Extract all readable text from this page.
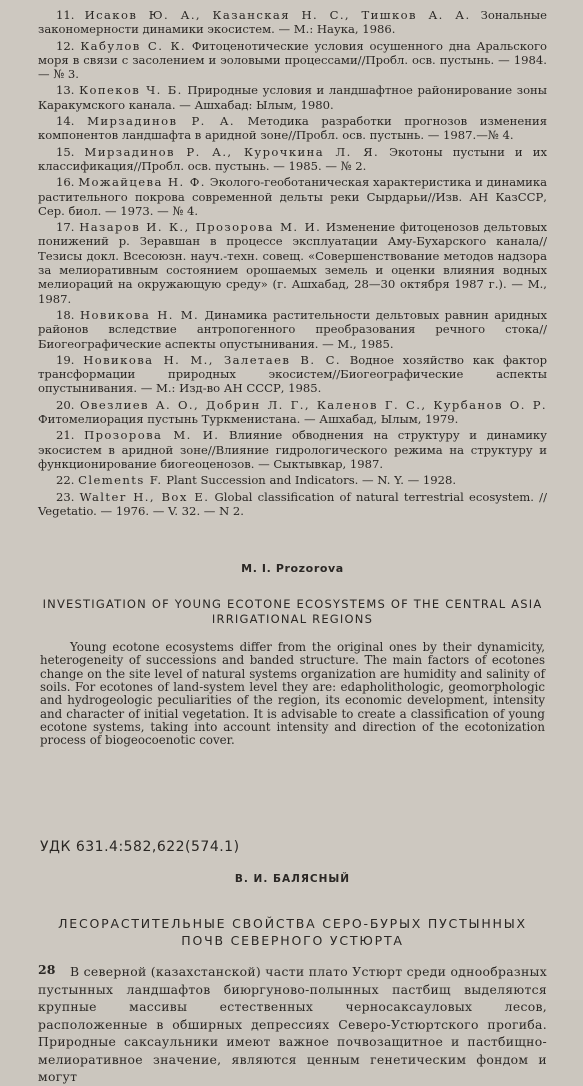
11. Исаков Ю. А., Казанская Н. С., Тишков А. А. Зональные закономерности динамики экосистем. — М.: Наука, 1986.

12. Кабулов С. К. Фитоценотические условия осушенного дна Аральского моря в связи с засолением и эоловыми процессами//Пробл. осв. пустынь. — 1984.— № 3.

13. Копеков Ч. Б. Природные условия и ландшафтное районирование зоны Каракумского канала. — Ашхабад: Ылым, 1980.

14. Мирзадинов Р. А. Методика разработки прогнозов изменения компонентов ландшафта в аридной зоне//Пробл. осв. пустынь. — 1987.—№ 4.

15. Мирзадинов Р. А., Курочкина Л. Я. Экотоны пустыни и их классификация//Пробл. осв. пустынь. — 1985. — № 2.

16. Можайцева Н. Ф. Эколого-геоботаническая характеристика и динамика растительного покрова современной дельты реки Сырдарьи//Изв. АН КазССР, Сер. биол. — 1973. — № 4.

17. Назаров И. К., Прозорова М. И. Изменение фитоценозов дельтовых понижений р. Зеравшан в процессе эксплуатации Аму-Бухарского канала//Тезисы докл. Всесоюзн. науч.-техн. совещ. «Совершенствование методов надзора за мелиоративным состоянием орошаемых земель и оценки влияния водных мелиораций на окружающую среду» (г. Ашхабад, 28—30 октября 1987 г.). — М., 1987.

18. Новикова Н. М. Динамика растительности дельтовых равнин аридных районов вследствие антропогенного преобразования речного стока//Биогеографические аспекты опустынивания. — М., 1985.

19. Новикова Н. М., Залетаев В. С. Водное хозяйство как фактор трансформации природных экосистем//Биогеографические аспекты опустынивания. — М.: Изд-во АН СССР, 1985.

20. Овезлиев А. О., Добрин Л. Г., Каленов Г. С., Курбанов О. Р. Фитомелиорация пустынь Туркменистана. — Ашхабад, Ылым, 1979.

21. Прозорова М. И. Влияние обводнения на структуру и динамику экосистем в аридной зоне//Влияние гидрологического режима на структуру и функционирование биогеоценозов. — Сыктывкар, 1987.

22. Clements F. Plant Succession and Indicators. — N. Y. — 1928.

23. Walter H., Box E. Global classification of natural terrestrial ecosystem. // Vegetatio. — 1976. — V. 32. — N 2.

M. I. Prozorova
INVESTIGATION OF YOUNG ECOTONE ECOSYSTEMS OF THE CENTRAL ASIA IRRIGATIONAL REGIONS
Young ecotone ecosystems differ from the original ones by their dynamicity, heterogeneity of successions and banded structure. The main factors of ecotones change on the site level of natural systems organization are humidity and salinity of soils. For ecotones of land-system level they are: edapholithologic, geomorphologic and hydrogeologic peculiarities of the region, its economic development, intensity and character of initial vegetation. It is advisable to create a classification of young ecotone systems, taking into account intensity and direction of the ecotonization process of biogeocoenotic cover.
УДК 631.4:582,622(574.1)
В. И. БАЛЯСНЫЙ
ЛЕСОРАСТИТЕЛЬНЫЕ СВОЙСТВА СЕРО-БУРЫХ ПУСТЫННЫХ ПОЧВ СЕВЕРНОГО УСТЮРТА
В северной (казахстанской) части плато Устюрт среди однообразных пустынных ландшафтов биюргуново-полынных пастбищ выделяются крупные массивы естественных черносаксауловых лесов, расположенные в обширных депрессиях Северо-Устюртского прогиба. Природные саксаульники имеют важное почвозащитное и пастбищно-мелиоративное значение, являются ценным генетическим фондом и могут
28
